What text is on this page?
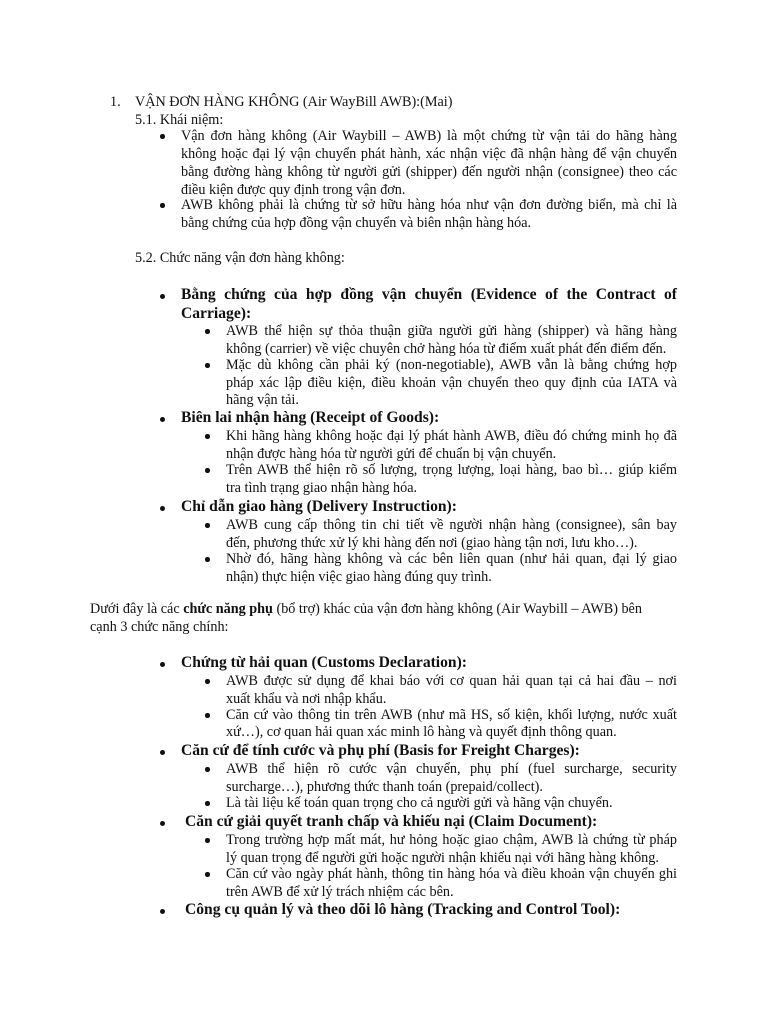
1. VẬN ĐƠN HÀNG KHÔNG (Air WayBill AWB):(Mai)
5.1. Khái niệm:
Vận đơn hàng không (Air Waybill – AWB) là một chứng từ vận tải do hãng hàng
không hoặc đại lý vận chuyển phát hành, xác nhận việc đã nhận hàng để vận chuyển
bằng đường hàng không từ người gửi (shipper) đến người nhận (consignee) theo các
điều kiện được quy định trong vận đơn.
AWB không phải là chứng từ sở hữu hàng hóa như vận đơn đường biển, mà chỉ là
bằng chứng của hợp đồng vận chuyển và biên nhận hàng hóa.
5.2. Chức năng vận đơn hàng không:
Bằng chứng của hợp đồng vận chuyển (Evidence of the Contract of
Carriage):
AWB thể hiện sự thỏa thuận giữa người gửi hàng (shipper) và hãng hàng
không (carrier) về việc chuyên chở hàng hóa từ điểm xuất phát đến điểm đến.
Mặc dù không cần phải ký (non-negotiable), AWB vẫn là bằng chứng hợp
pháp xác lập điều kiện, điều khoản vận chuyển theo quy định của IATA và
hãng vận tải.
Biên lai nhận hàng (Receipt of Goods):
Khi hãng hàng không hoặc đại lý phát hành AWB, điều đó chứng minh họ đã
nhận được hàng hóa từ người gửi để chuẩn bị vận chuyển.
Trên AWB thể hiện rõ số lượng, trọng lượng, loại hàng, bao bì… giúp kiểm
tra tình trạng giao nhận hàng hóa.
Chỉ dẫn giao hàng (Delivery Instruction):
AWB cung cấp thông tin chi tiết về người nhận hàng (consignee), sân bay
đến, phương thức xử lý khi hàng đến nơi (giao hàng tận nơi, lưu kho…).
Nhờ đó, hãng hàng không và các bên liên quan (như hải quan, đại lý giao
nhận) thực hiện việc giao hàng đúng quy trình.
Dưới đây là các chức năng phụ (bổ trợ) khác của vận đơn hàng không (Air Waybill – AWB) bên
cạnh 3 chức năng chính:
Chứng từ hải quan (Customs Declaration):
AWB được sử dụng để khai báo với cơ quan hải quan tại cả hai đầu – nơi
xuất khẩu và nơi nhập khẩu.
Căn cứ vào thông tin trên AWB (như mã HS, số kiện, khối lượng, nước xuất
xứ…), cơ quan hải quan xác minh lô hàng và quyết định thông quan.
Căn cứ để tính cước và phụ phí (Basis for Freight Charges):
AWB thể hiện rõ cước vận chuyển, phụ phí (fuel surcharge, security
surcharge…), phương thức thanh toán (prepaid/collect).
Là tài liệu kế toán quan trọng cho cả người gửi và hãng vận chuyển.
Căn cứ giải quyết tranh chấp và khiếu nại (Claim Document):
Trong trường hợp mất mát, hư hỏng hoặc giao chậm, AWB là chứng từ pháp
lý quan trọng để người gửi hoặc người nhận khiếu nại với hãng hàng không.
Căn cứ vào ngày phát hành, thông tin hàng hóa và điều khoản vận chuyển ghi
trên AWB để xử lý trách nhiệm các bên.
Công cụ quản lý và theo dõi lô hàng (Tracking and Control Tool):
